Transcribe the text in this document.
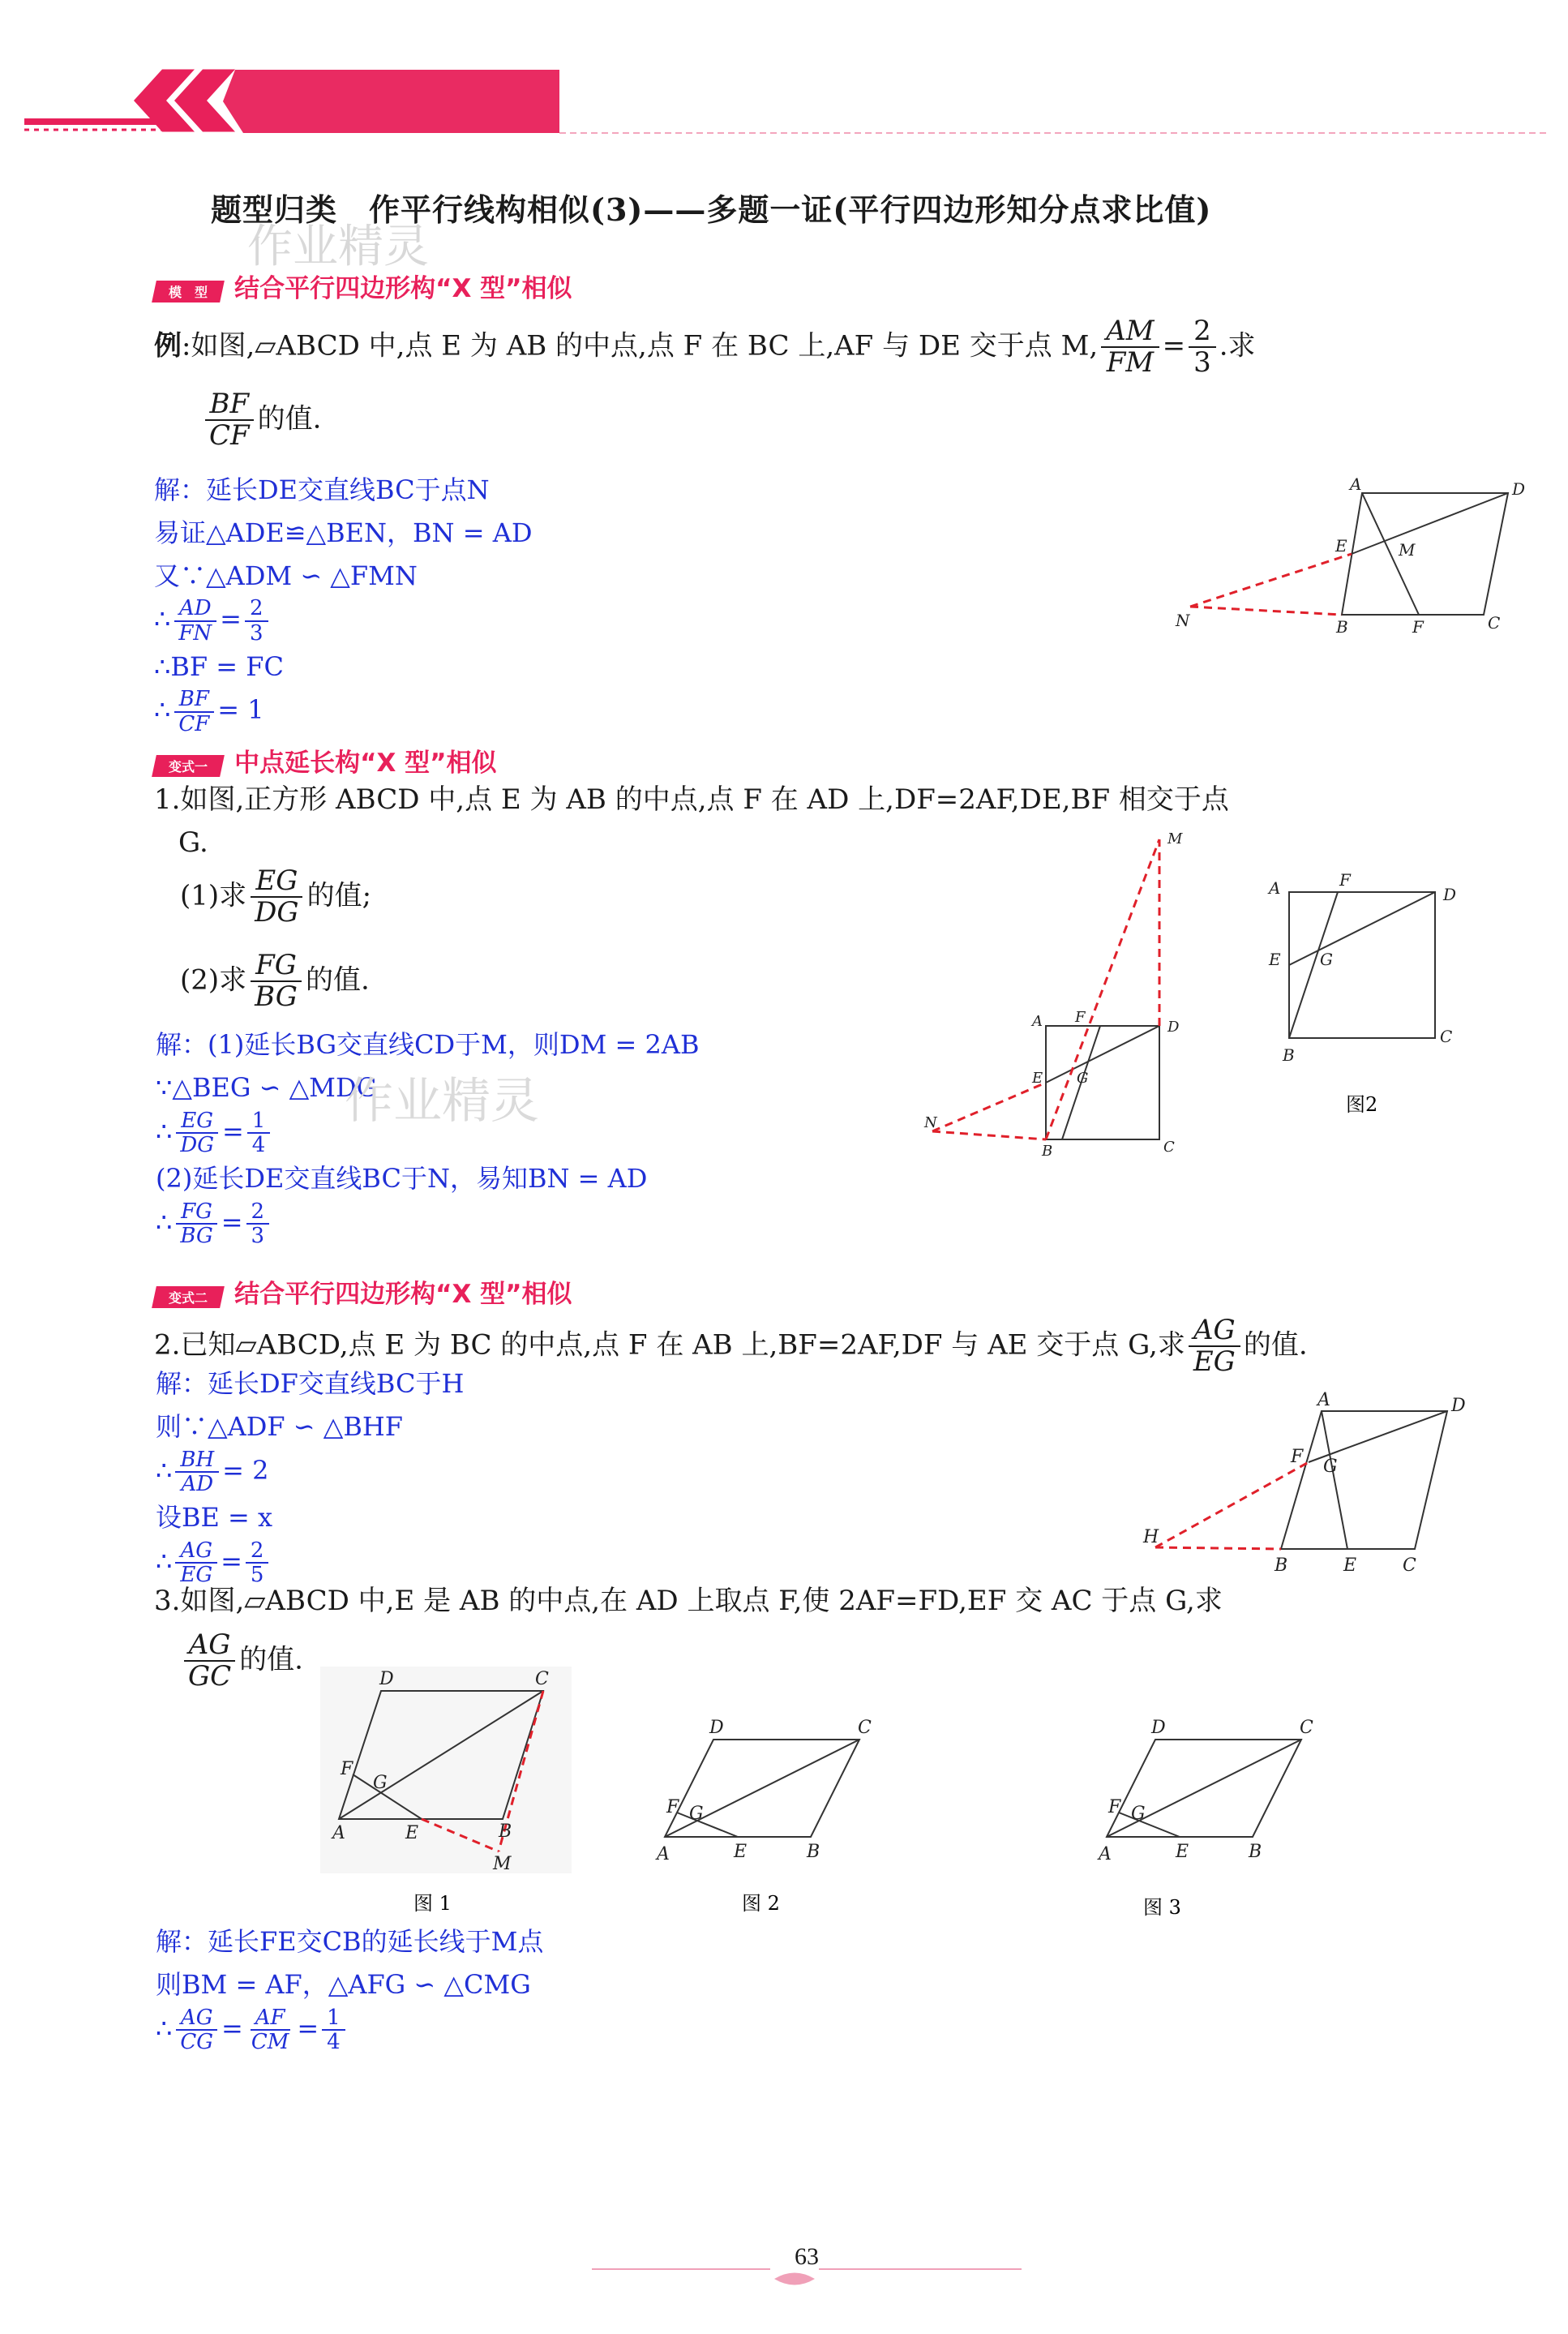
题型归类　作平行线构相似(3)——多题一证(平行四边形知分点求比值)
作业精灵
模　型 结合平行四边形构“X 型”相似
例:如图,▱ABCD 中,点 E 为 AB 的中点,点 F 在 BC 上,AF 与 DE 交于点 M, $\frac{AM}{FM} = \frac{2}{3}$ .求
$\frac{BF}{CF}$ 的值.
解：延长DE交直线BC于点N
易证△ADE≌△BEN，BN = AD
又∵△ADM ∽ △FMN
∴ $\frac{AD}{FN} = \frac{2}{3}$
∴BF = FC
∴ $\frac{BF}{CF} = 1$
A	D
E	M
N	B	F	C
变式一 中点延长构“X 型”相似
1.如图,正方形 ABCD 中,点 E 为 AB 的中点,点 F 在 AD 上,DF=2AF,DE,BF 相交于点
G.
(1)求 $\frac{EG}{DG}$ 的值;
(2)求 $\frac{FG}{BG}$ 的值.
解：(1)延长BG交直线CD于M，则DM = 2AB
∵△BEG ∽ △MDG
∴ $\frac{EG}{DG} = \frac{1}{4}$
(2)延长DE交直线BC于N，易知BN = AD
∴ $\frac{FG}{BG} = \frac{2}{3}$
作业精灵
A	D
E
F
G
N
B	C
M
A	F
D
E G
B
C
图2
变式二 结合平行四边形构“X 型”相似
2.已知▱ABCD,点 E 为 BC 的中点,点 F 在 AB 上,BF=2AF,DF 与 AE 交于点 G,求 $\frac{AG}{EG}$ 的值.
解：延长DF交直线BC于H
则∵△ADF ∽ △BHF
∴ $\frac{BH}{AD} = 2$
设BE = x
∴ $\frac{AG}{EG} = \frac{2}{5}$
A	D
F G
H
B	E	C
3.如图,▱ABCD 中,E 是 AB 的中点,在 AD 上取点 F,使 2AF=FD,EF 交 AC 于点 G,求
$\frac{AG}{GC}$ 的值.
D	C
F
G
A	E	B
M
图 1
D	C
F G
A	E	B
图 2
D	C
F G
A	E	B
图 3
解：延长FE交CB的延长线于M点
则BM = AF，△AFG ∽ △CMG
∴ $\frac{AG}{CG} = \frac{AF}{CM} = \frac{1}{4}$
63
